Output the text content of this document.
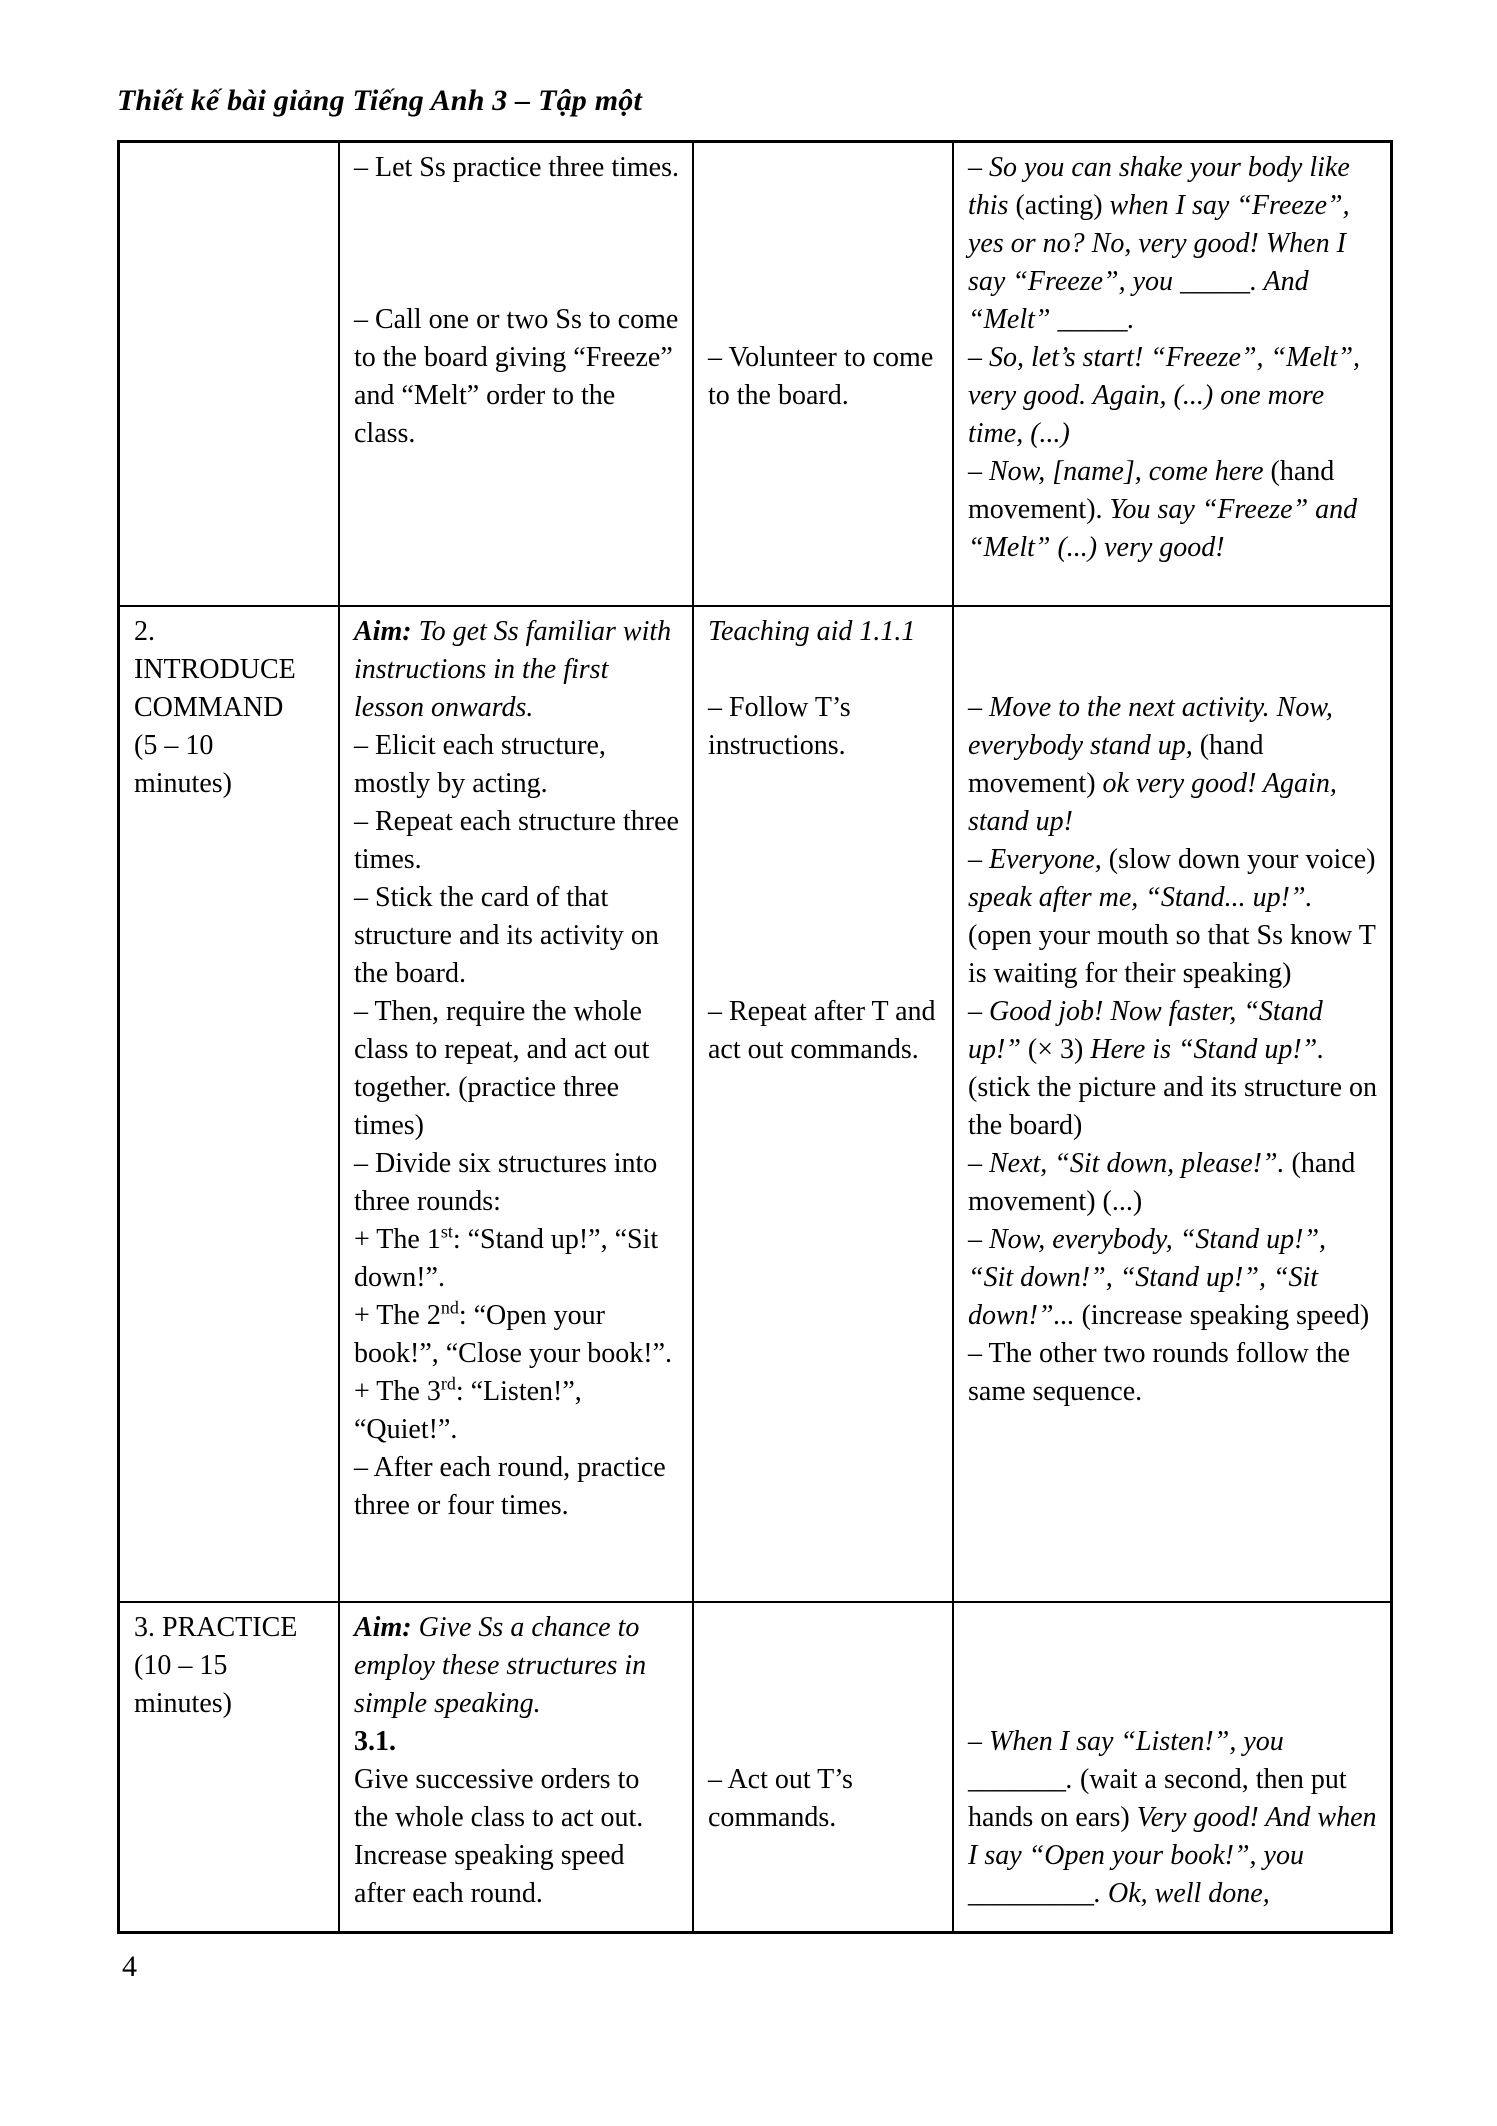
Thiết kế bài giảng Tiếng Anh 3 – Tập một
– Let Ss practice three times.

– Call one or two Ss to come to the board giving “Freeze” and “Melt” order to the class.

– Volunteer to come to the board.
– So you can shake your body like this (acting) when I say “Freeze”, yes or no? No, very good! When I say “Freeze”, you _____. And “Melt” _____.
– So, let’s start! “Freeze”, “Melt”, very good. Again, (...) one more time, (...)
– Now, [name], come here (hand movement). You say “Freeze” and “Melt” (...) very good!
2.
INTRODUCE
COMMAND
(5 – 10
minutes)
Aim: To get Ss familiar with instructions in the first lesson onwards.
– Elicit each structure, mostly by acting.
– Repeat each structure three times.
– Stick the card of that structure and its activity on the board.
– Then, require the whole class to repeat, and act out together. (practice three times)
– Divide six structures into three rounds:
+ The 1st: “Stand up!”, “Sit down!”.
+ The 2nd: “Open your book!”, “Close your book!”.
+ The 3rd: “Listen!”, “Quiet!”.
– After each round, practice three or four times.
Teaching aid 1.1.1

– Follow T’s instructions.

– Repeat after T and act out commands.

– Move to the next activity. Now, everybody stand up, (hand movement) ok very good! Again, stand up!
– Everyone, (slow down your voice) speak after me, “Stand... up!”. (open your mouth so that Ss know T is waiting for their speaking)
– Good job! Now faster, “Stand up!” (× 3) Here is “Stand up!”. (stick the picture and its structure on the board)
– Next, “Sit down, please!”. (hand movement) (...)
– Now, everybody, “Stand up!”, “Sit down!”, “Stand up!”, “Sit down!”... (increase speaking speed)
– The other two rounds follow the same sequence.
3. PRACTICE
(10 – 15
minutes)
Aim: Give Ss a chance to employ these structures in simple speaking.
3.1.
Give successive orders to the whole class to act out. Increase speaking speed after each round.

– Act out T’s commands.

– When I say “Listen!”, you _______. (wait a second, then put hands on ears) Very good! And when I say “Open your book!”, you _________. Ok, well done,
4
